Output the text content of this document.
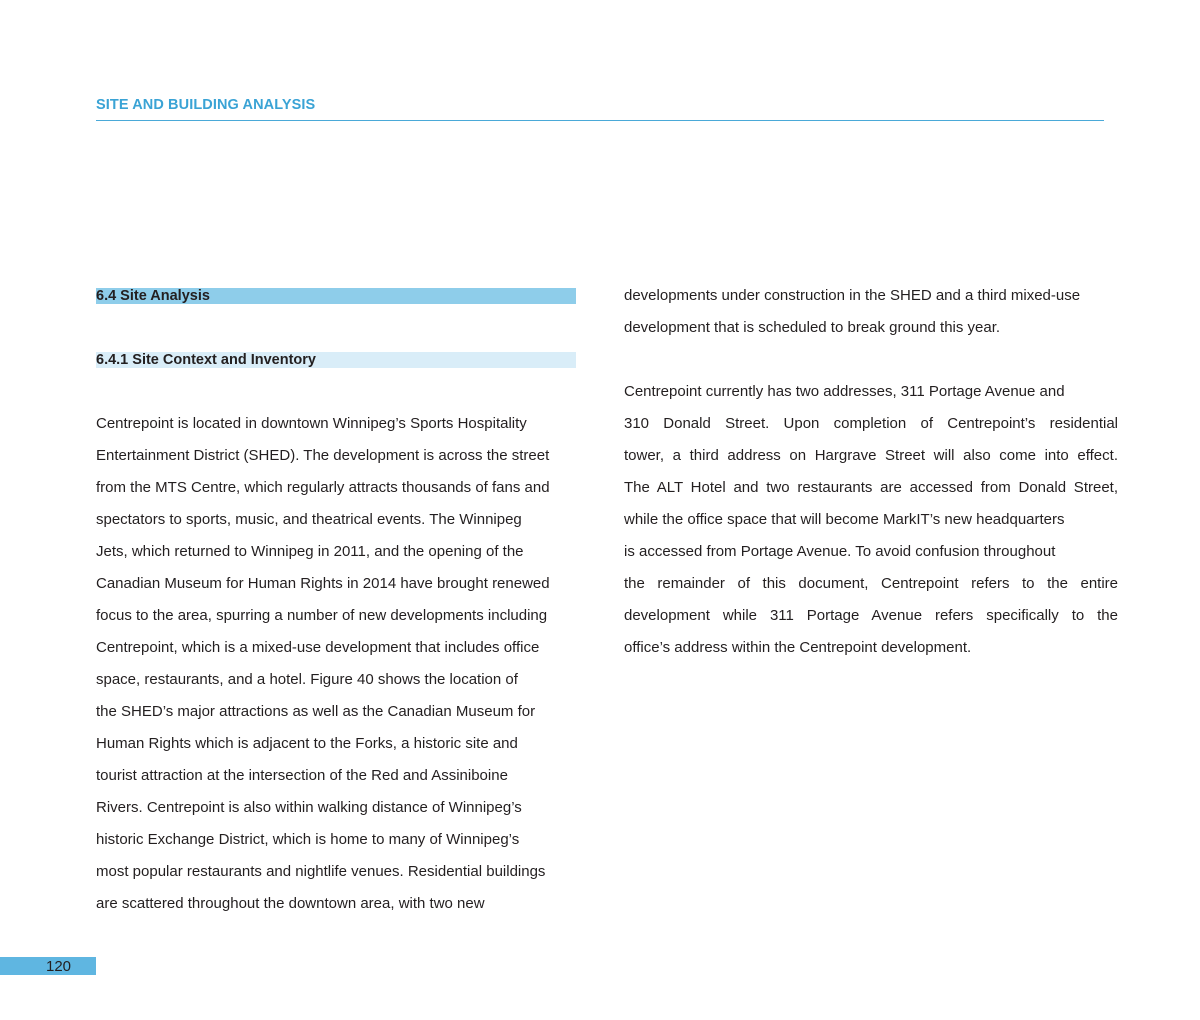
SITE AND BUILDING ANALYSIS
6.4 Site Analysis
6.4.1 Site Context and Inventory
Centrepoint is located in downtown Winnipeg’s Sports Hospitality
Entertainment District (SHED). The development is across the street
from the MTS Centre, which regularly attracts thousands of fans and
spectators to sports, music, and theatrical events. The Winnipeg
Jets, which returned to Winnipeg in 2011, and the opening of the
Canadian Museum for Human Rights in 2014 have brought renewed
focus to the area, spurring a number of new developments including
Centrepoint, which is a mixed-use development that includes office
space, restaurants, and a hotel. Figure 40 shows the location of
the SHED’s major attractions as well as the Canadian Museum for
Human Rights which is adjacent to the Forks, a historic site and
tourist attraction at the intersection of the Red and Assiniboine
Rivers. Centrepoint is also within walking distance of Winnipeg’s
historic Exchange District, which is home to many of Winnipeg’s
most popular restaurants and nightlife venues. Residential buildings
are scattered throughout the downtown area, with two new
developments under construction in the SHED and a third mixed-use
development that is scheduled to break ground this year.
Centrepoint currently has two addresses, 311 Portage Avenue and
310 Donald Street. Upon completion of Centrepoint’s residential
tower, a third address on Hargrave Street will also come into effect.
The ALT Hotel and two restaurants are accessed from Donald Street,
while the office space that will become MarkIT’s new headquarters
is accessed from Portage Avenue. To avoid confusion throughout
the remainder of this document, Centrepoint refers to the entire
development while 311 Portage Avenue refers specifically to the
office’s address within the Centrepoint development.
120
